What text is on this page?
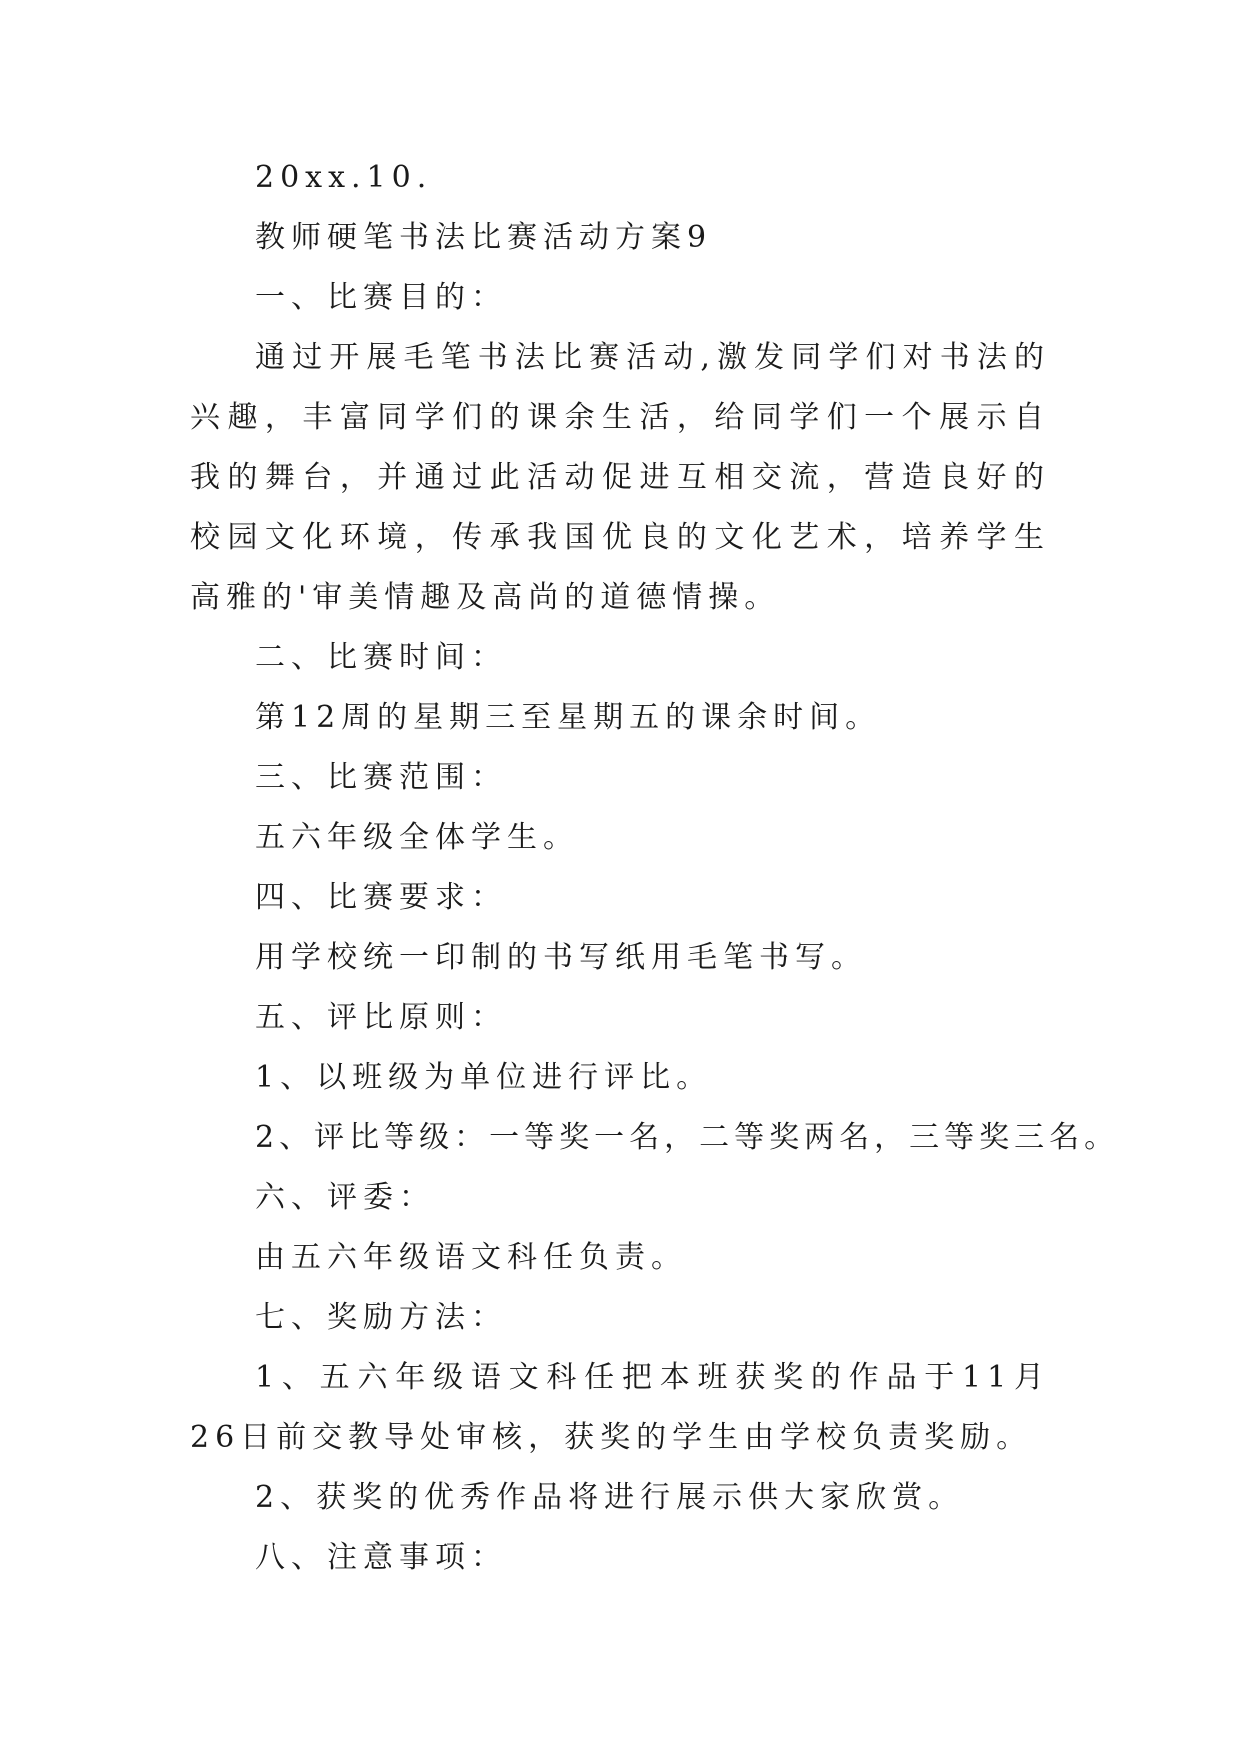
20xx.10.
教师硬笔书法比赛活动方案9
一、比赛目的：
通过开展毛笔书法比赛活动,激发同学们对书法的兴趣，丰富同学们的课余生活，给同学们一个展示自我的舞台，并通过此活动促进互相交流，营造良好的校园文化环境，传承我国优良的文化艺术，培养学生高雅的'审美情趣及高尚的道德情操。
二、比赛时间：
第12周的星期三至星期五的课余时间。
三、比赛范围：
五六年级全体学生。
四、比赛要求：
用学校统一印制的书写纸用毛笔书写。
五、评比原则：
1、以班级为单位进行评比。
2、评比等级：一等奖一名，二等奖两名，三等奖三名。
六、评委：
由五六年级语文科任负责。
七、奖励方法：
1、五六年级语文科任把本班获奖的作品于11月26日前交教导处审核，获奖的学生由学校负责奖励。
2、获奖的优秀作品将进行展示供大家欣赏。
八、注意事项：
